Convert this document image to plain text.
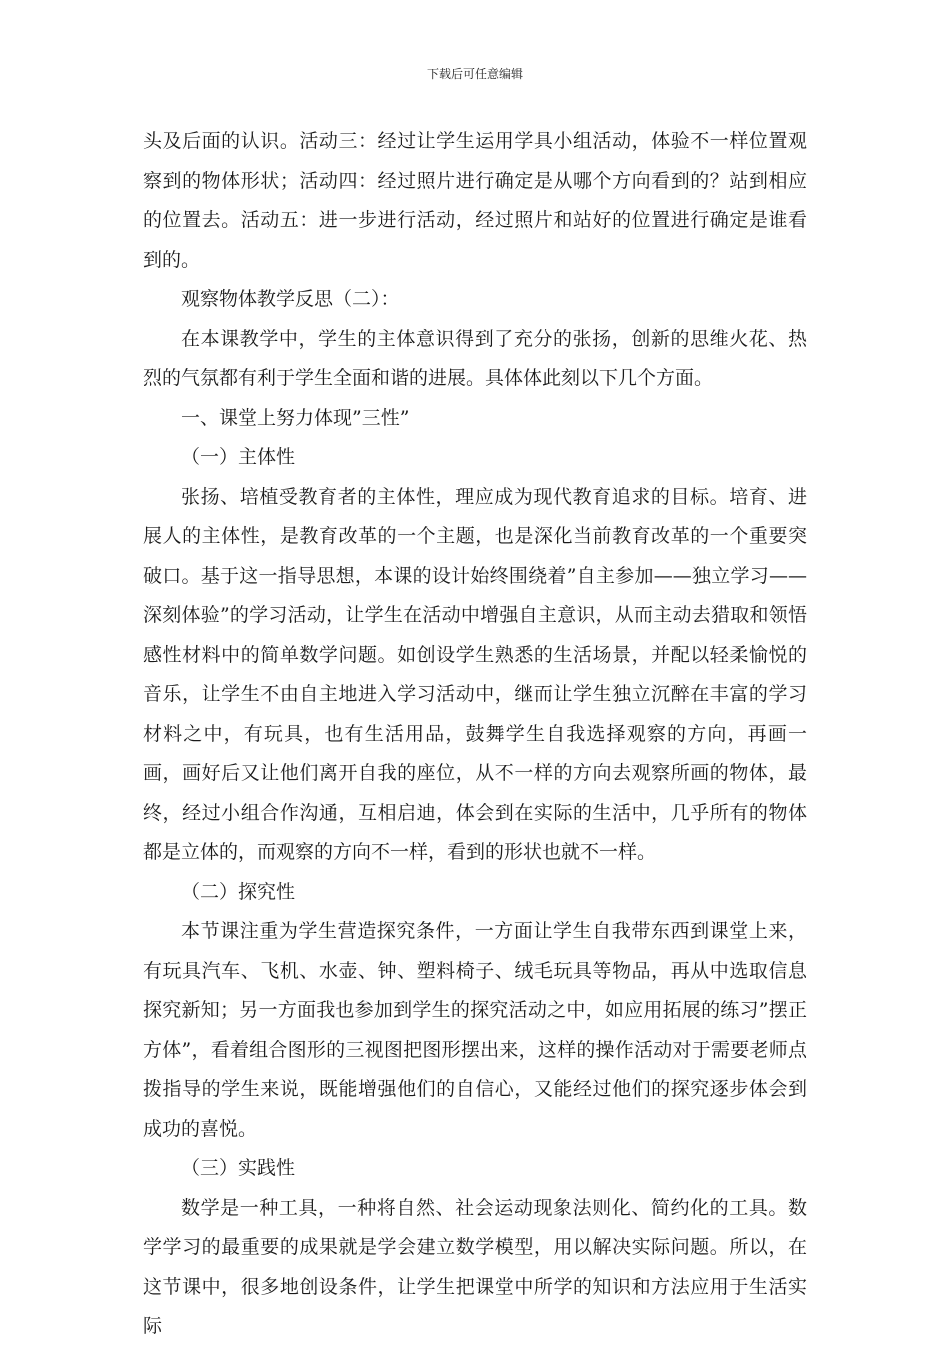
下载后可任意编辑

头及后面的认识。活动三：经过让学生运用学具小组活动，体验不一样位置观察到的物体形状；活动四：经过照片进行确定是从哪个方向看到的？站到相应的位置去。活动五：进一步进行活动，经过照片和站好的位置进行确定是谁看到的。

观察物体教学反思（二）：

在本课教学中，学生的主体意识得到了充分的张扬，创新的思维火花、热烈的气氛都有利于学生全面和谐的进展。具体体此刻以下几个方面。

一、课堂上努力体现”三性”

（一）主体性

张扬、培植受教育者的主体性，理应成为现代教育追求的目标。培育、进展人的主体性，是教育改革的一个主题，也是深化当前教育改革的一个重要突破口。基于这一指导思想，本课的设计始终围绕着”自主参加——独立学习——深刻体验”的学习活动，让学生在活动中增强自主意识，从而主动去猎取和领悟感性材料中的简单数学问题。如创设学生熟悉的生活场景，并配以轻柔愉悦的音乐，让学生不由自主地进入学习活动中，继而让学生独立沉醉在丰富的学习材料之中，有玩具，也有生活用品，鼓舞学生自我选择观察的方向，再画一画，画好后又让他们离开自我的座位，从不一样的方向去观察所画的物体，最终，经过小组合作沟通，互相启迪，体会到在实际的生活中，几乎所有的物体都是立体的，而观察的方向不一样，看到的形状也就不一样。

（二）探究性

本节课注重为学生营造探究条件，一方面让学生自我带东西到课堂上来，有玩具汽车、飞机、水壶、钟、塑料椅子、绒毛玩具等物品，再从中选取信息探究新知；另一方面我也参加到学生的探究活动之中，如应用拓展的练习”摆正方体”，看着组合图形的三视图把图形摆出来，这样的操作活动对于需要老师点拨指导的学生来说，既能增强他们的自信心，又能经过他们的探究逐步体会到成功的喜悦。

（三）实践性

数学是一种工具，一种将自然、社会运动现象法则化、简约化的工具。数学学习的最重要的成果就是学会建立数学模型，用以解决实际问题。所以，在这节课中，很多地创设条件，让学生把课堂中所学的知识和方法应用于生活实际
